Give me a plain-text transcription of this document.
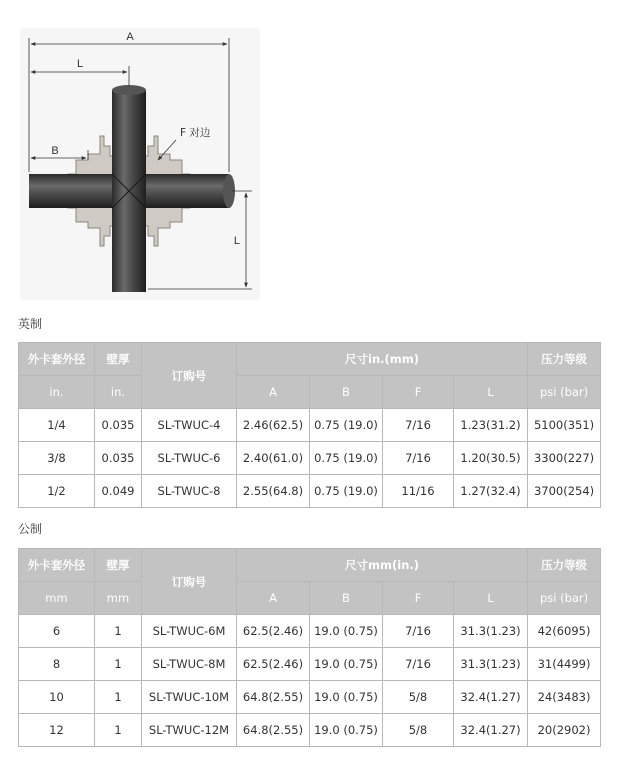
A
L
B
F 对边
L
英制
外卡套外径	壁厚	订购号	尺寸in.(mm)				压力等级
in.	in.		A	B	F	L	psi (bar)
1/4	0.035	SL-TWUC-4	2.46(62.5)	0.75 (19.0)	7/16	1.23(31.2)	5100(351)
3/8	0.035	SL-TWUC-6	2.40(61.0)	0.75 (19.0)	7/16	1.20(30.5)	3300(227)
1/2	0.049	SL-TWUC-8	2.55(64.8)	0.75 (19.0)	11/16	1.27(32.4)	3700(254)
公制
外卡套外径	壁厚	订购号	尺寸mm(in.)				压力等级
mm	mm		A	B	F	L	psi (bar)
6	1	SL-TWUC-6M	62.5(2.46)	19.0 (0.75)	7/16	31.3(1.23)	42(6095)
8	1	SL-TWUC-8M	62.5(2.46)	19.0 (0.75)	7/16	31.3(1.23)	31(4499)
10	1	SL-TWUC-10M	64.8(2.55)	19.0 (0.75)	5/8	32.4(1.27)	24(3483)
12	1	SL-TWUC-12M	64.8(2.55)	19.0 (0.75)	5/8	32.4(1.27)	20(2902)
